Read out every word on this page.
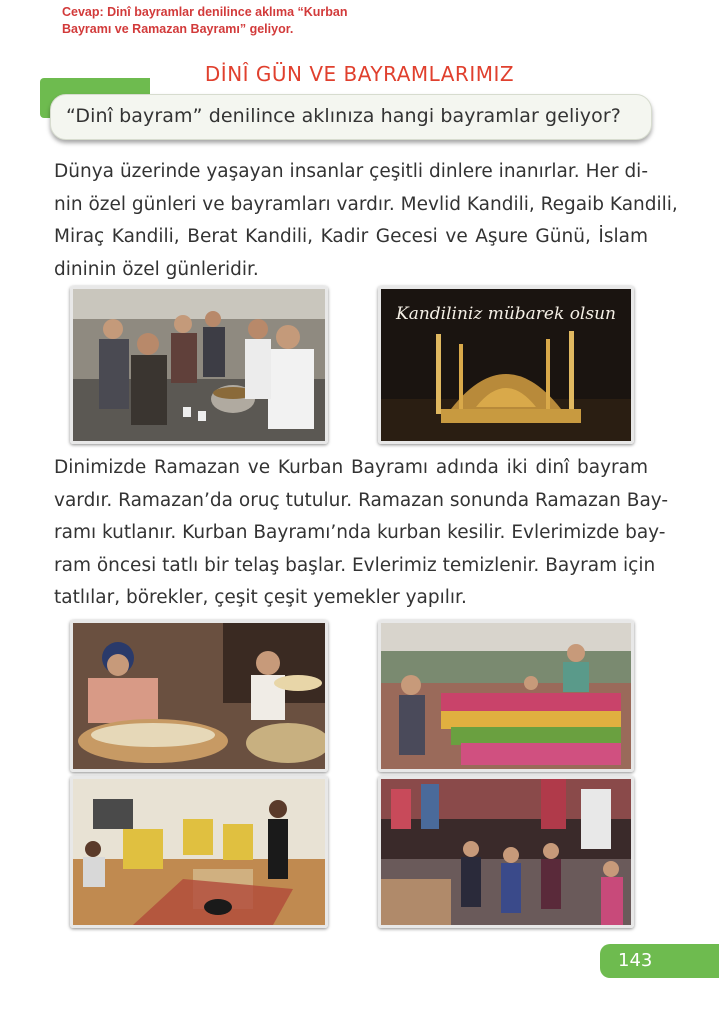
Cevap: Dinî bayramlar denilince aklıma “Kurban
Bayramı ve Ramazan Bayramı” geliyor.
DİNÎ GÜN VE BAYRAMLARIMIZ
“Dinî bayram” denilince aklınıza hangi bayramlar geliyor?
Dünya üzerinde yaşayan insanlar çeşitli dinlere inanırlar. Her di-
nin özel günleri ve bayramları vardır. Mevlid Kandili, Regaib Kandili,
Miraç Kandili, Berat Kandili, Kadir Gecesi ve Aşure Günü, İslam
dininin özel günleridir.
Kandiliniz mübarek olsun
Dinimizde Ramazan ve Kurban Bayramı adında iki dinî bayram
vardır. Ramazan’da oruç tutulur. Ramazan sonunda Ramazan Bay-
ramı kutlanır. Kurban Bayramı’nda kurban kesilir. Evlerimizde bay-
ram öncesi tatlı bir telaş başlar. Evlerimiz temizlenir. Bayram için
tatlılar, börekler, çeşit çeşit yemekler yapılır.
143
